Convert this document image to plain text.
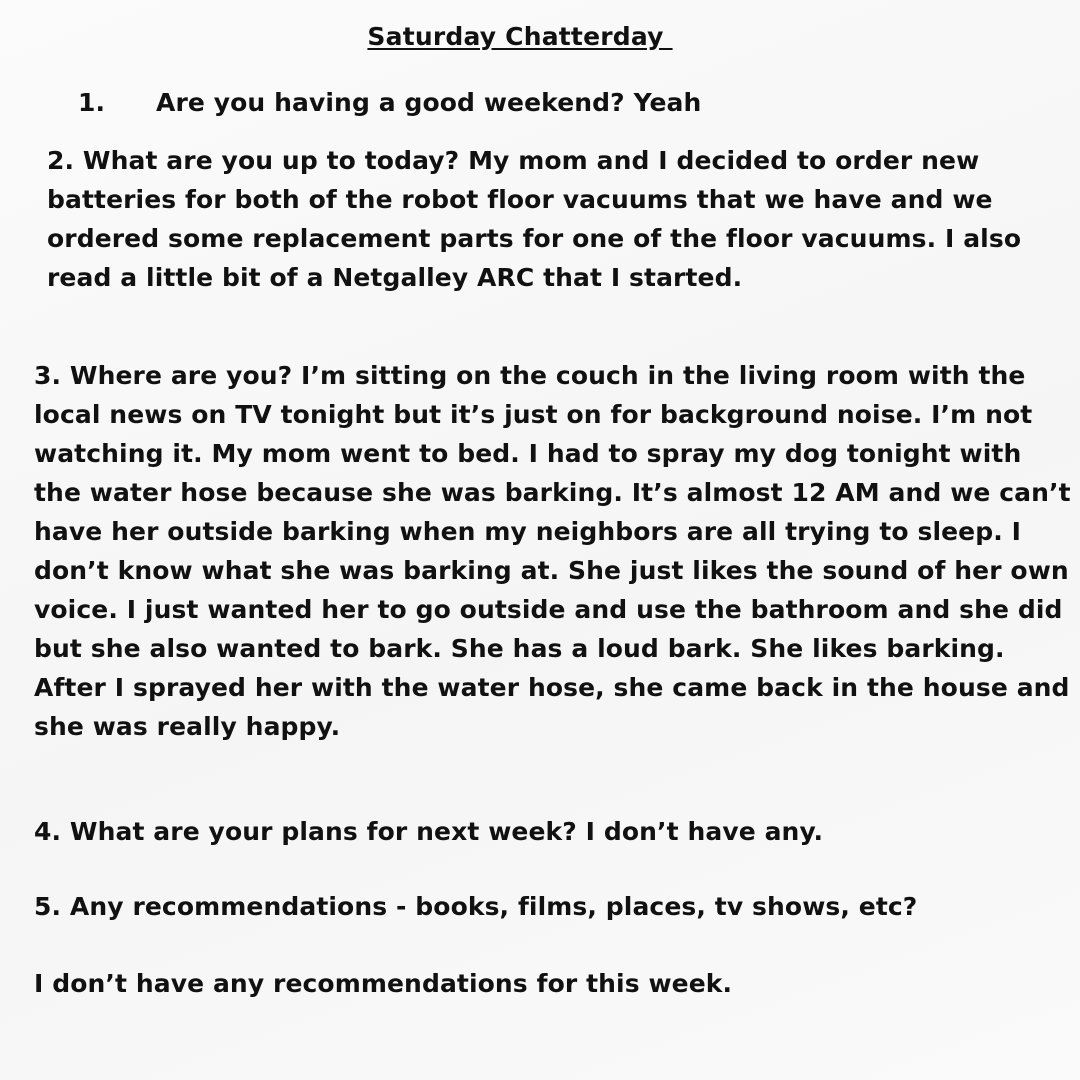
Saturday Chatterday
1. Are you having a good weekend? Yeah
2. What are you up to today? My mom and I decided to order new batteries for both of the robot floor vacuums that we have and we ordered some replacement parts for one of the floor vacuums. I also read a little bit of a Netgalley ARC that I started.
3. Where are you? I’m sitting on the couch in the living room with the local news on TV tonight but it’s just on for background noise. I’m not watching it. My mom went to bed. I had to spray my dog tonight with the water hose because she was barking. It’s almost 12 AM and we can’t have her outside barking when my neighbors are all trying to sleep. I don’t know what she was barking at. She just likes the sound of her own voice. I just wanted her to go outside and use the bathroom and she did but she also wanted to bark. She has a loud bark. She likes barking. After I sprayed her with the water hose, she came back in the house and she was really happy.
4. What are your plans for next week? I don’t have any.
5. Any recommendations - books, films, places, tv shows, etc?
I don’t have any recommendations for this week.
